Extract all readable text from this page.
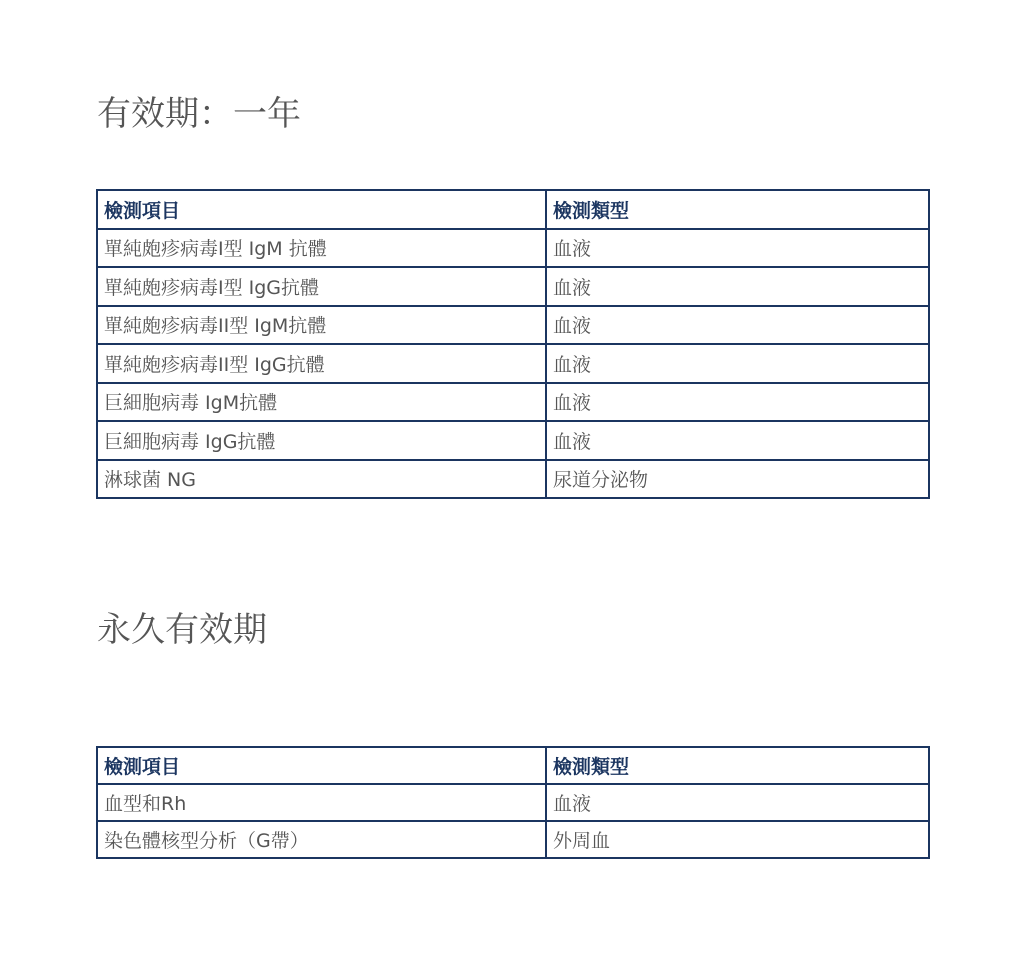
有效期：一年
檢測項目	檢測類型
單純皰疹病毒I型 IgM 抗體	血液
單純皰疹病毒I型 IgG抗體	血液
單純皰疹病毒II型 IgM抗體	血液
單純皰疹病毒II型 IgG抗體	血液
巨細胞病毒 IgM抗體	血液
巨細胞病毒 IgG抗體	血液
淋球菌 NG	尿道分泌物
永久有效期
檢測項目	檢測類型
血型和Rh	血液
染色體核型分析（G帶）	外周血
